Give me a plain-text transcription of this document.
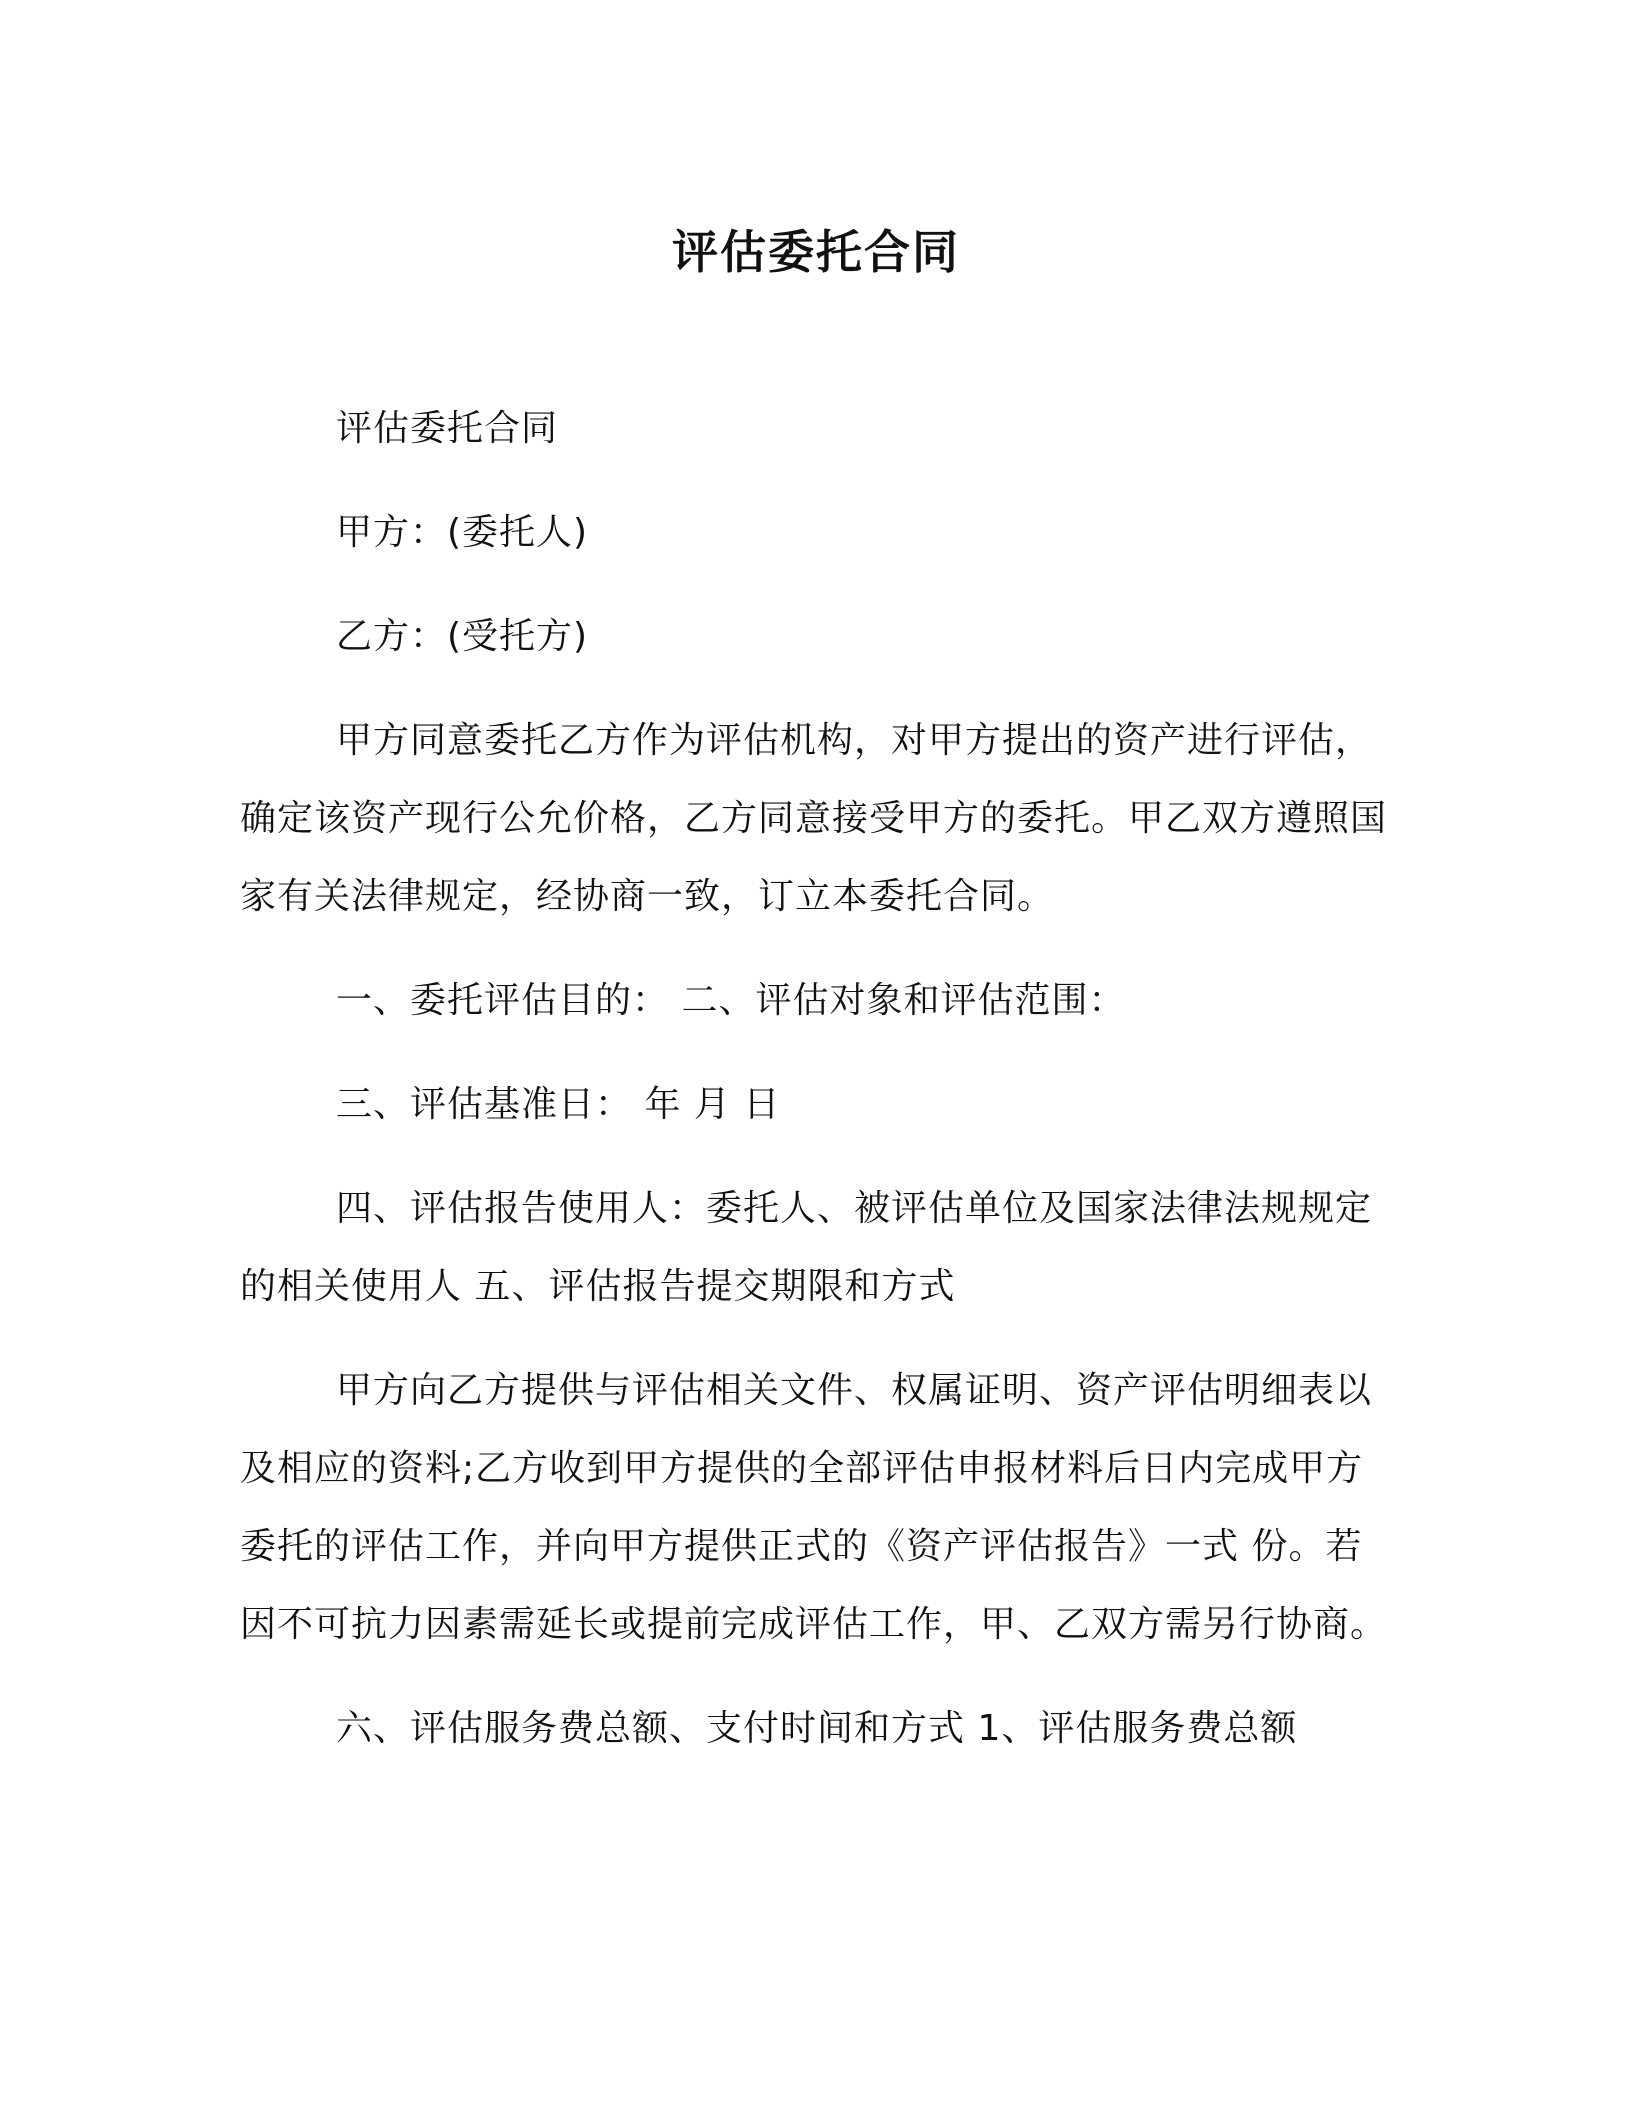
评估委托合同

评估委托合同

甲方：(委托人)

乙方：(受托方)

甲方同意委托乙方作为评估机构，对甲方提出的资产进行评估，确定该资产现行公允价格，乙方同意接受甲方的委托。甲乙双方遵照国家有关法律规定，经协商一致，订立本委托合同。

一、委托评估目的： 二、评估对象和评估范围：

三、评估基准日： 年 月 日

四、评估报告使用人：委托人、被评估单位及国家法律法规规定的相关使用人 五、评估报告提交期限和方式

甲方向乙方提供与评估相关文件、权属证明、资产评估明细表以及相应的资料;乙方收到甲方提供的全部评估申报材料后日内完成甲方委托的评估工作，并向甲方提供正式的《资产评估报告》一式 份。若因不可抗力因素需延长或提前完成评估工作，甲、乙双方需另行协商。

六、评估服务费总额、支付时间和方式 1、评估服务费总额
